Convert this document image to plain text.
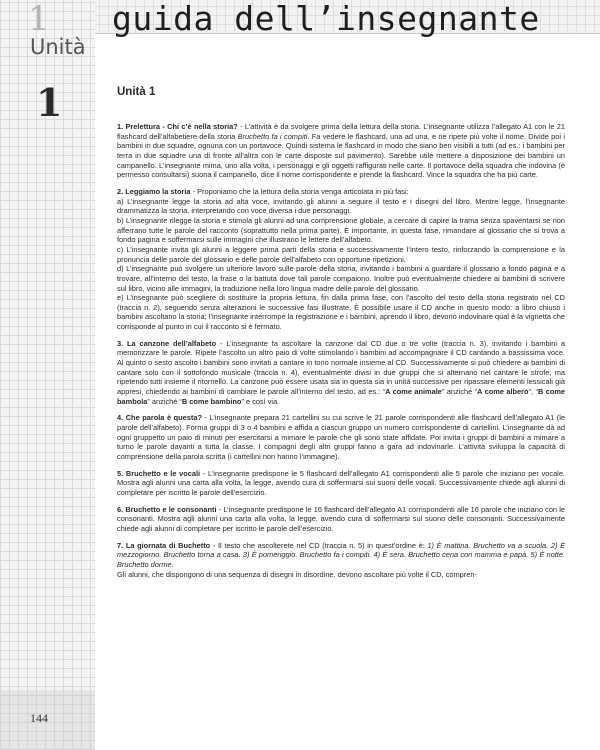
1 guida dell’insegnante
Unità
1	Unità 1

1. Prelettura - Chi c’è nella storia? - L’attività è da svolgere prima della lettura della storia. L’insegnante utilizza l’allegato A1 con le 21 flashcard dell’alfabetiere della storia Bruchetto fa i compiti. Fa vedere le flashcard, una ad una, e ne ripete più volte il nome. Divide poi i bambini in due squadre, ognuna con un portavoce. Quindi sistema le flashcard in modo che siano ben visibili a tutti (ad es.: i bambini per terra in due squadre una di fronte all’altra con le carte disposte sul pavimento). Sarebbe utile mettere a disposizione dei bambini un campanello. L’insegnante mima, uno alla volta, i personaggi e gli oggetti raffigurati nelle carte. Il portavoce della squadra che indovina (è permesso consultarsi) suona il campanello, dice il nome corrispondente e prende la flashcard. Vince la squadra che ha più carte.

2. Leggiamo la storia - Proponiamo che la lettura della storia venga articolata in più fasi:
a) L’insegnante legge la storia ad alta voce, invitando gli alunni a seguire il testo e i disegni del libro. Mentre legge, l’insegnante drammatizza la storia, interpretando con voce diversa i due personaggi.
b) L’insegnante rilegge la storia e stimola gli alunni ad una comprensione globale, a cercare di capire la trama senza spaventarsi se non afferrano tutte le parole del racconto (soprattutto nella prima parte). È importante, in questa fase, rimandare al glossario che si trova a fondo pagina e soffermarsi sulle immagini che illustrano le lettere dell’alfabeto.
c) L’insegnante invita gli alunni a leggere prima parti della storia e successivamente l’intero testo, rinforzando la comprensione e la pronuncia delle parole del glossario e delle parole dell’alfabeto con opportune ripetizioni.
d) L’insegnante può svolgere un ulteriore lavoro sulle parole della storia, invitando i bambini a guardare il glossario a fondo pagina e a trovare, all’interno del testo, la frase o la battuta dove tali parole compaiono. Inoltre può eventualmente chiedere ai bambini di scrivere sul libro, vicino alle immagini, la traduzione nella loro lingua madre delle parole del glossario.
e) L’insegnante può scegliere di sostituire la propria lettura, fin dalla prima fase, con l’ascolto del testo della storia registrato nel CD (traccia n. 2), seguendo senza alterazioni le successive fasi illustrate. È possibile usare il CD anche in questo modo: a libro chiuso i bambini ascoltano la storia; l’insegnante interrompe la registrazione e i bambini, aprendo il libro, devono indovinare qual è la vignetta che corrisponde al punto in cui il racconto si è fermato.

3. La canzone dell’alfabeto - L’insegnante fa ascoltare la canzone dal CD due o tre volte (traccia n. 3), invitando i bambini a memorizzare le parole. Ripete l’ascolto un altro paio di volte stimolando i bambini ad accompagnare il CD cantando a bassissima voce. Al quinto o sesto ascolto i bambini sono invitati a cantare in tono normale insieme al CD. Successivamente si può chiedere ai bambini di cantare solo con il sottofondo musicale (traccia n. 4), eventualmente divisi in due gruppi che si alternano nel cantare le strofe, ma ripetendo tutti insieme il ritornello. La canzone può essere usata sia in questa sia in unità successive per ripassare elementi lessicali già appresi, chiedendo ai bambini di cambiare le parole all’interno del testo, ad es.: “A come animale” anziché “A come albero”, “B come bambola” anziché “B come bambino” e così via.

4. Che parola è questa? - L’insegnante prepara 21 cartellini su cui scrive le 21 parole corrispondenti alle flashcard dell’allegato A1 (le parole dell’alfabeto). Forma gruppi di 3 o 4 bambini e affida a ciascun gruppo un numero corrispondente di cartellini. L’insegnante dà ad ogni gruppetto un paio di minuti per esercitarsi a mimare le parole che gli sono state affidate. Poi invita i gruppi di bambini a mimare a turno le parole davanti a tutta la classe. I compagni degli altri gruppi fanno a gara ad indovinarle. L’attività sviluppa la capacità di comprensione della parola scritta (i cartellini non hanno l’immagine).

5. Bruchetto e le vocali - L’insegnante predispone le 5 flashcard dell’allegato A1 corrispondenti alle 5 parole che iniziano per vocale. Mostra agli alunni una carta alla volta, la legge, avendo cura di soffermarsi sui suoni delle vocali. Successivamente chiede agli alunni di completare per iscritto le parole dell’esercizio.

6. Bruchetto e le consonanti - L’insegnante predispone le 16 flashcard dell’allegato A1 corrispondenti alle 16 parole che iniziano con le consonanti. Mostra agli alunni una carta alla volta, la legge, avendo cura di soffermarsi sul suono delle consonanti. Successivamente chiede agli alunni di completare per iscritto le parole dell’esercizio.

7. La giornata di Buchetto - Il testo che ascolterete nel CD (traccia n. 5) in quest’ordine è: 1) È mattina. Bruchetto va a scuola. 2) È mezzogiorno. Bruchetto torna a casa. 3) È pomeriggio. Bruchetto fa i compiti. 4) È sera. Bruchetto cena con mamma e papà. 5) È notte. Bruchetto dorme.
Gli alunni, che dispongono di una sequenza di disegni in disordine, devono ascoltare più volte il CD, compren-
144
